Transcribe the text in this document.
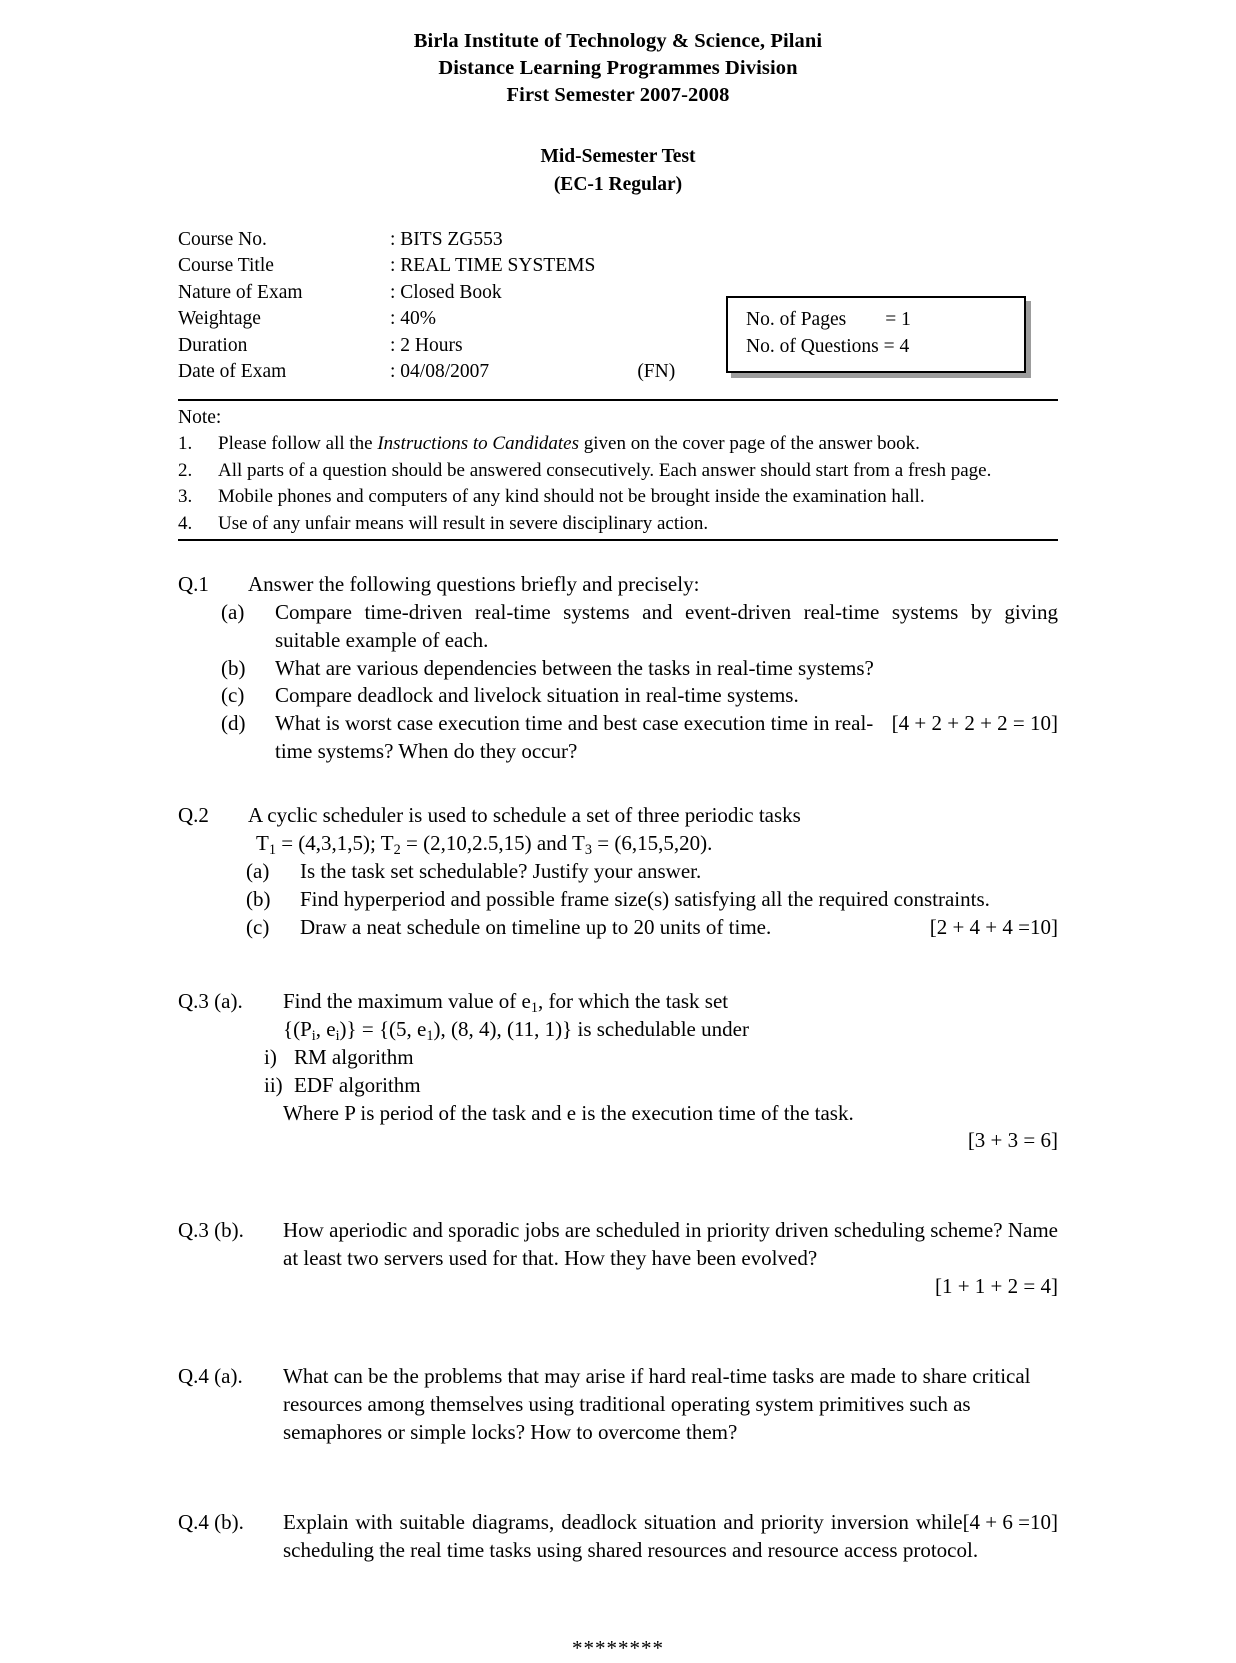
Birla Institute of Technology & Science, Pilani
Distance Learning Programmes Division
First Semester 2007-2008
Mid-Semester Test
(EC-1 Regular)
Course No.	: BITS ZG553	
Course Title	: REAL TIME SYSTEMS	
Nature of Exam	: Closed Book	
Weightage	: 40%	
Duration	: 2 Hours	
Date of Exam	: 04/08/2007	(FN)
No. of Pages        = 1
No. of Questions = 4
Note:
1.	Please follow all the Instructions to Candidates given on the cover page of the answer book.
2.	All parts of a question should be answered consecutively. Each answer should start from a fresh page.
3.	Mobile phones and computers of any kind should not be brought inside the examination hall.
4.	Use of any unfair means will result in severe disciplinary action.
Q.1	Answer the following questions briefly and precisely:
(a)	Compare time-driven real-time systems and event-driven real-time systems by giving suitable example of each.
(b)	What are various dependencies between the tasks in real-time systems?
(c)	Compare deadlock and livelock situation in real-time systems.
(d)	[4 + 2 + 2 + 2 = 10]
What is worst case execution time and best case execution time in real-time systems? When do they occur?
Q.2	A cyclic scheduler is used to schedule a set of three periodic tasks
$T_1 = (4,3,1,5)$; $T_2 = (2,10,2.5,15)$ and $T_3 = (6,15,5,20)$.
(a)	Is the task set schedulable? Justify your answer.
(b)	Find hyperperiod and possible frame size(s) satisfying all the required constraints.
(c)	[2 + 4 + 4 =10]
Draw a neat schedule on timeline up to 20 units of time.
Q.3 (a).	Find the maximum value of $e_1$, for which the task set
{($P_i$, $e_i)\} = \{(5$, $e_1$), (8, 4), (11, 1)} is schedulable under
i) RM algorithm
ii) EDF algorithm
Where P is period of the task and e is the execution time of the task.
[3 + 3 = 6]
Q.3 (b).	How aperiodic and sporadic jobs are scheduled in priority driven scheduling scheme? Name at least two servers used for that. How they have been evolved?
[1 + 1 + 2 = 4]
Q.4 (a).	What can be the problems that may arise if hard real-time tasks are made to share critical resources among themselves using traditional operating system primitives such as semaphores or simple locks? How to overcome them?
Q.4 (b).	[4 + 6 =10]
Explain with suitable diagrams, deadlock situation and priority inversion while scheduling the real time tasks using shared resources and resource access protocol.
********
